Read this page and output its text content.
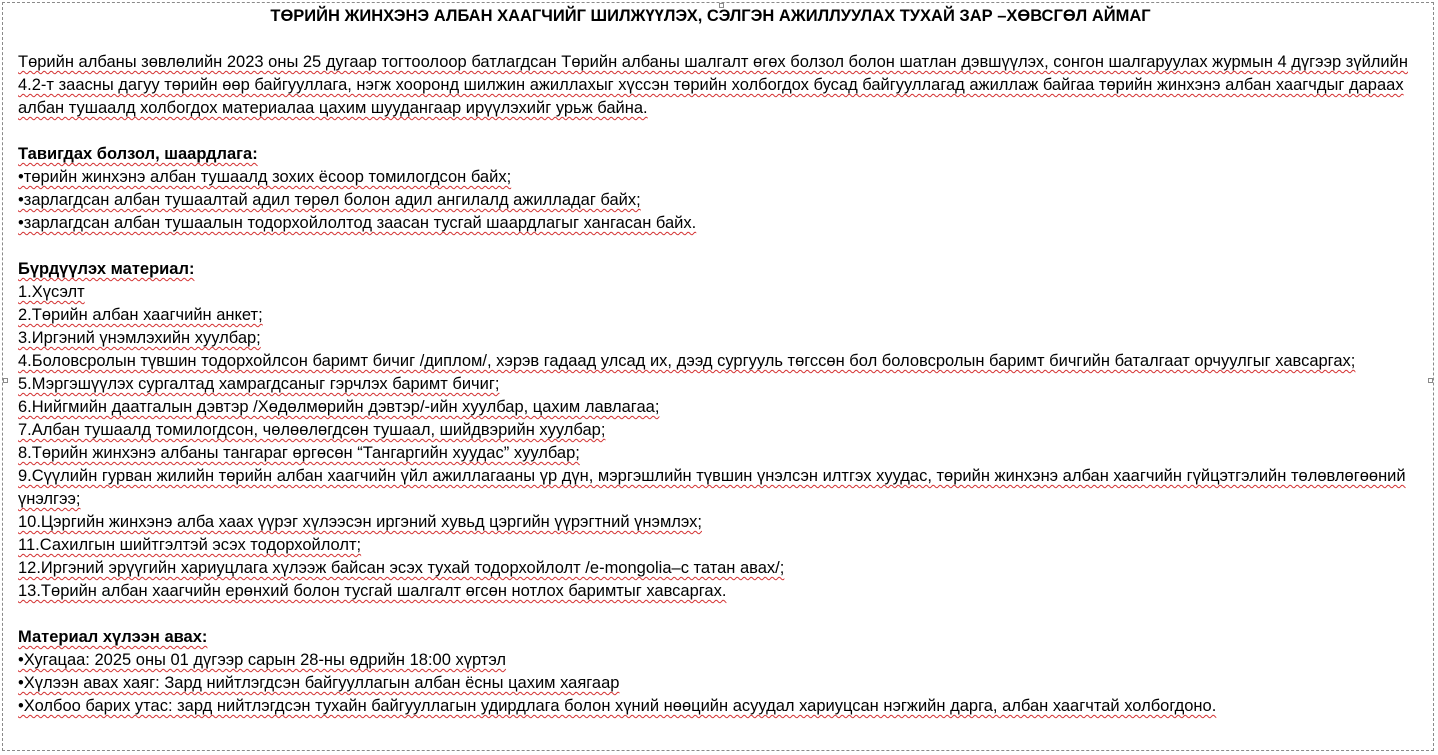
ТӨРИЙН ЖИНХЭНЭ АЛБАН ХААГЧИЙГ ШИЛЖҮҮЛЭХ, СЭЛГЭН АЖИЛЛУУЛАХ ТУХАЙ ЗАР –ХӨВСГӨЛ АЙМАГ

Төрийн албаны зөвлөлийн 2023 оны 25 дугаар тогтоолоор батлагдсан Төрийн албаны шалгалт өгөх болзол болон шатлан дэвшүүлэх, сонгон шалгаруулах журмын 4 дүгээр зүйлийн 4.2-т заасны дагуу төрийн өөр байгууллага, нэгж хооронд шилжин ажиллахыг хүссэн төрийн холбогдох бусад байгууллагад ажиллаж байгаа төрийн жинхэнэ албан хаагчдыг дараах албан тушаалд холбогдох материалаа цахим шуудангаар ирүүлэхийг урьж байна.

Тавигдах болзол, шаардлага:
•төрийн жинхэнэ албан тушаалд зохих ёсоор томилогдсон байх;
•зарлагдсан албан тушаалтай адил төрөл болон адил ангилалд ажилладаг байх;
•зарлагдсан албан тушаалын тодорхойлолтод заасан тусгай шаардлагыг хангасан байх.
Бүрдүүлэх материал:
1.Хүсэлт
2.Төрийн албан хаагчийн анкет;
3.Иргэний үнэмлэхийн хуулбар;
4.Боловсролын түвшин тодорхойлсон баримт бичиг /диплом/, хэрэв гадаад улсад их, дээд сургууль төгссөн бол боловсролын баримт бичгийн баталгаат орчуулгыг хавсаргах;
5.Мэргэшүүлэх сургалтад хамрагдсаныг гэрчлэх баримт бичиг;
6.Нийгмийн даатгалын дэвтэр /Хөдөлмөрийн дэвтэр/-ийн хуулбар, цахим лавлагаа;
7.Албан тушаалд томилогдсон, чөлөөлөгдсөн тушаал, шийдвэрийн хуулбар;
8.Төрийн жинхэнэ албаны тангараг өргөсөн “Тангаргийн хуудас” хуулбар;
9.Сүүлийн гурван жилийн төрийн албан хаагчийн үйл ажиллагааны үр дүн, мэргэшлийн түвшин үнэлсэн илтгэх хуудас, төрийн жинхэнэ албан хаагчийн гүйцэтгэлийн төлөвлөгөөний үнэлгээ;
10.Цэргийн жинхэнэ алба хаах үүрэг хүлээсэн иргэний хувьд цэргийн үүрэгтний үнэмлэх;
11.Сахилгын шийтгэлтэй эсэх тодорхойлолт;
12.Иргэний эрүүгийн хариуцлага хүлээж байсан эсэх тухай тодорхойлолт /e-mongolia–с татан авах/;
13.Төрийн албан хаагчийн ерөнхий болон тусгай шалгалт өгсөн нотлох баримтыг хавсаргах.
Материал хүлээн авах:
•Хугацаа: 2025 оны 01 дүгээр сарын 28-ны өдрийн 18:00 хүртэл
•Хүлээн авах хаяг: Зард нийтлэгдсэн байгууллагын албан ёсны цахим хаягаар
•Холбоо барих утас: зард нийтлэгдсэн тухайн байгууллагын удирдлага болон хүний нөөцийн асуудал хариуцсан нэгжийн дарга, албан хаагчтай холбогдоно.
